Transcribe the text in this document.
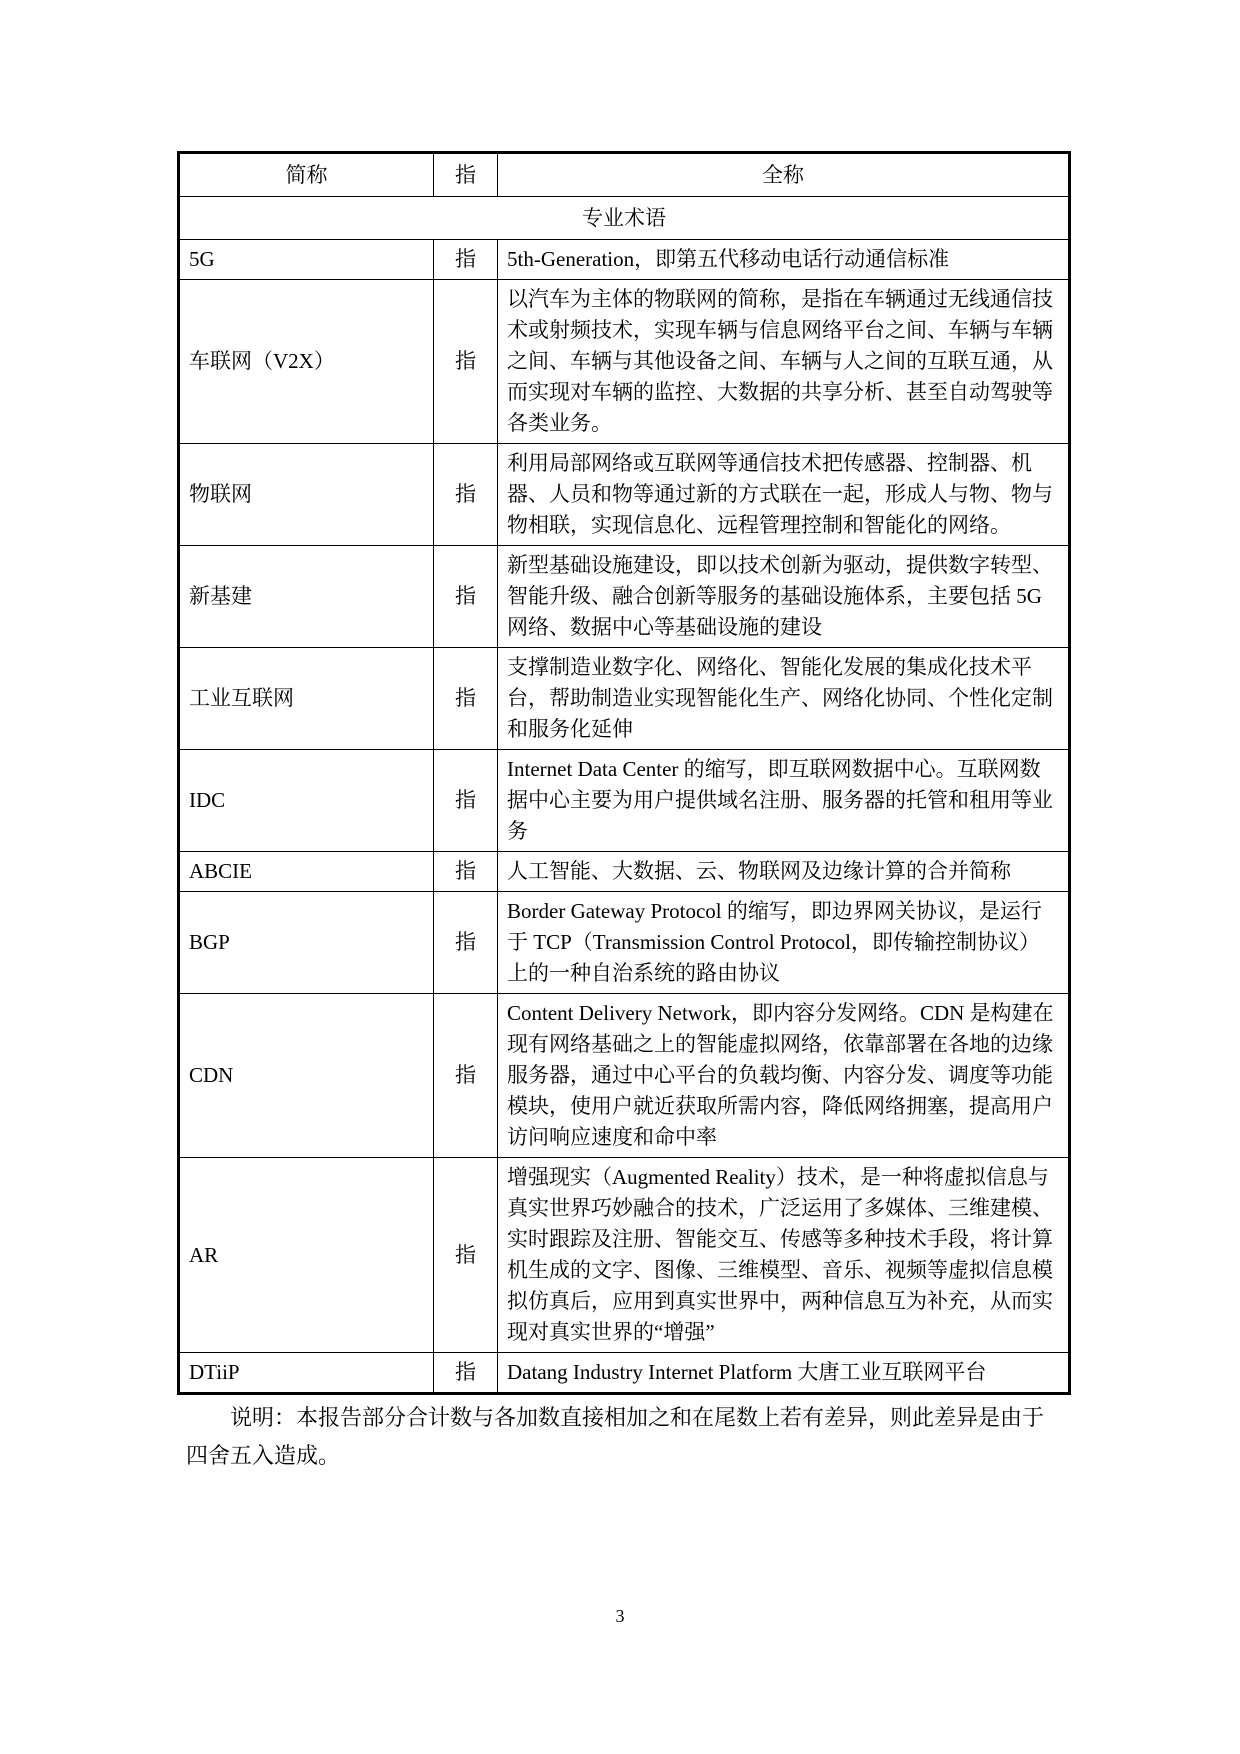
简称	指	全称
专业术语		
5G	指	5th-Generation，即第五代移动电话行动通信标准
车联网（V2X）	指	以汽车为主体的物联网的简称，是指在车辆通过无线通信技术或射频技术，实现车辆与信息网络平台之间、车辆与车辆之间、车辆与其他设备之间、车辆与人之间的互联互通，从而实现对车辆的监控、大数据的共享分析、甚至自动驾驶等各类业务。
物联网	指	利用局部网络或互联网等通信技术把传感器、控制器、机器、人员和物等通过新的方式联在一起，形成人与物、物与物相联，实现信息化、远程管理控制和智能化的网络。
新基建	指	新型基础设施建设，即以技术创新为驱动，提供数字转型、智能升级、融合创新等服务的基础设施体系，主要包括 5G 网络、数据中心等基础设施的建设
工业互联网	指	支撑制造业数字化、网络化、智能化发展的集成化技术平台，帮助制造业实现智能化生产、网络化协同、个性化定制和服务化延伸
IDC	指	Internet Data Center 的缩写，即互联网数据中心。互联网数据中心主要为用户提供域名注册、服务器的托管和租用等业务
ABCIE	指	人工智能、大数据、云、物联网及边缘计算的合并简称
BGP	指	Border Gateway Protocol 的缩写，即边界网关协议，是运行于 TCP（Transmission Control Protocol，即传输控制协议）上的一种自治系统的路由协议
CDN	指	Content Delivery Network，即内容分发网络。CDN 是构建在现有网络基础之上的智能虚拟网络，依靠部署在各地的边缘服务器，通过中心平台的负载均衡、内容分发、调度等功能模块，使用户就近获取所需内容，降低网络拥塞，提高用户访问响应速度和命中率
AR	指	增强现实（Augmented Reality）技术，是一种将虚拟信息与真实世界巧妙融合的技术，广泛运用了多媒体、三维建模、实时跟踪及注册、智能交互、传感等多种技术手段，将计算机生成的文字、图像、三维模型、音乐、视频等虚拟信息模拟仿真后，应用到真实世界中，两种信息互为补充，从而实现对真实世界的“增强”
DTiiP	指	Datang Industry Internet Platform 大唐工业互联网平台

说明：本报告部分合计数与各加数直接相加之和在尾数上若有差异，则此差异是由于四舍五入造成。

3
